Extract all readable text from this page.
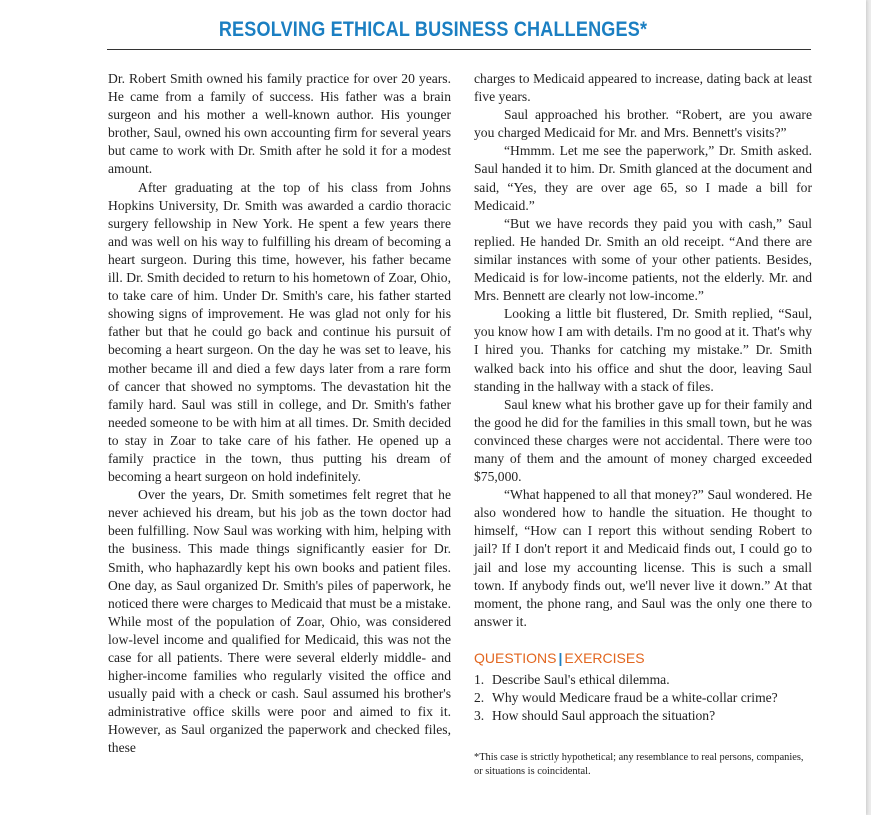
RESOLVING ETHICAL BUSINESS CHALLENGES*

Dr. Robert Smith owned his family practice for over 20 years. He came from a family of success. His father was a brain surgeon and his mother a well-known author. His younger brother, Saul, owned his own accounting firm for several years but came to work with Dr. Smith after he sold it for a modest amount.

After graduating at the top of his class from Johns Hopkins University, Dr. Smith was awarded a cardio thoracic surgery fellowship in New York. He spent a few years there and was well on his way to fulfilling his dream of becoming a heart surgeon. During this time, however, his father became ill. Dr. Smith decided to return to his hometown of Zoar, Ohio, to take care of him. Under Dr. Smith's care, his father started showing signs of improvement. He was glad not only for his father but that he could go back and continue his pursuit of becoming a heart surgeon. On the day he was set to leave, his mother became ill and died a few days later from a rare form of cancer that showed no symptoms. The devastation hit the family hard. Saul was still in college, and Dr. Smith's father needed someone to be with him at all times. Dr. Smith decided to stay in Zoar to take care of his father. He opened up a family practice in the town, thus putting his dream of becoming a heart surgeon on hold indefinitely.

Over the years, Dr. Smith sometimes felt regret that he never achieved his dream, but his job as the town doctor had been fulfilling. Now Saul was working with him, helping with the business. This made things significantly easier for Dr. Smith, who haphazardly kept his own books and patient files. One day, as Saul organized Dr. Smith's piles of paperwork, he noticed there were charges to Medicaid that must be a mistake. While most of the population of Zoar, Ohio, was considered low-level income and qualified for Medicaid, this was not the case for all patients. There were several elderly middle- and higher-income families who regularly visited the office and usually paid with a check or cash. Saul assumed his brother's administrative office skills were poor and aimed to fix it. However, as Saul organized the paperwork and checked files, these

charges to Medicaid appeared to increase, dating back at least five years.

Saul approached his brother. “Robert, are you aware you charged Medicaid for Mr. and Mrs. Bennett's visits?”

“Hmmm. Let me see the paperwork,” Dr. Smith asked. Saul handed it to him. Dr. Smith glanced at the document and said, “Yes, they are over age 65, so I made a bill for Medicaid.”

“But we have records they paid you with cash,” Saul replied. He handed Dr. Smith an old receipt. “And there are similar instances with some of your other patients. Besides, Medicaid is for low-income patients, not the elderly. Mr. and Mrs. Bennett are clearly not low-income.”

Looking a little bit flustered, Dr. Smith replied, “Saul, you know how I am with details. I'm no good at it. That's why I hired you. Thanks for catching my mistake.” Dr. Smith walked back into his office and shut the door, leaving Saul standing in the hallway with a stack of files.

Saul knew what his brother gave up for their family and the good he did for the families in this small town, but he was convinced these charges were not accidental. There were too many of them and the amount of money charged exceeded $75,000.

“What happened to all that money?” Saul wondered. He also wondered how to handle the situation. He thought to himself, “How can I report this without sending Robert to jail? If I don't report it and Medicaid finds out, I could go to jail and lose my accounting license. This is such a small town. If anybody finds out, we'll never live it down.” At that moment, the phone rang, and Saul was the only one there to answer it.

QUESTIONS | EXERCISES

1. Describe Saul's ethical dilemma.
2. Why would Medicare fraud be a white-collar crime?
3. How should Saul approach the situation?

*This case is strictly hypothetical; any resemblance to real persons, companies, or situations is coincidental.
